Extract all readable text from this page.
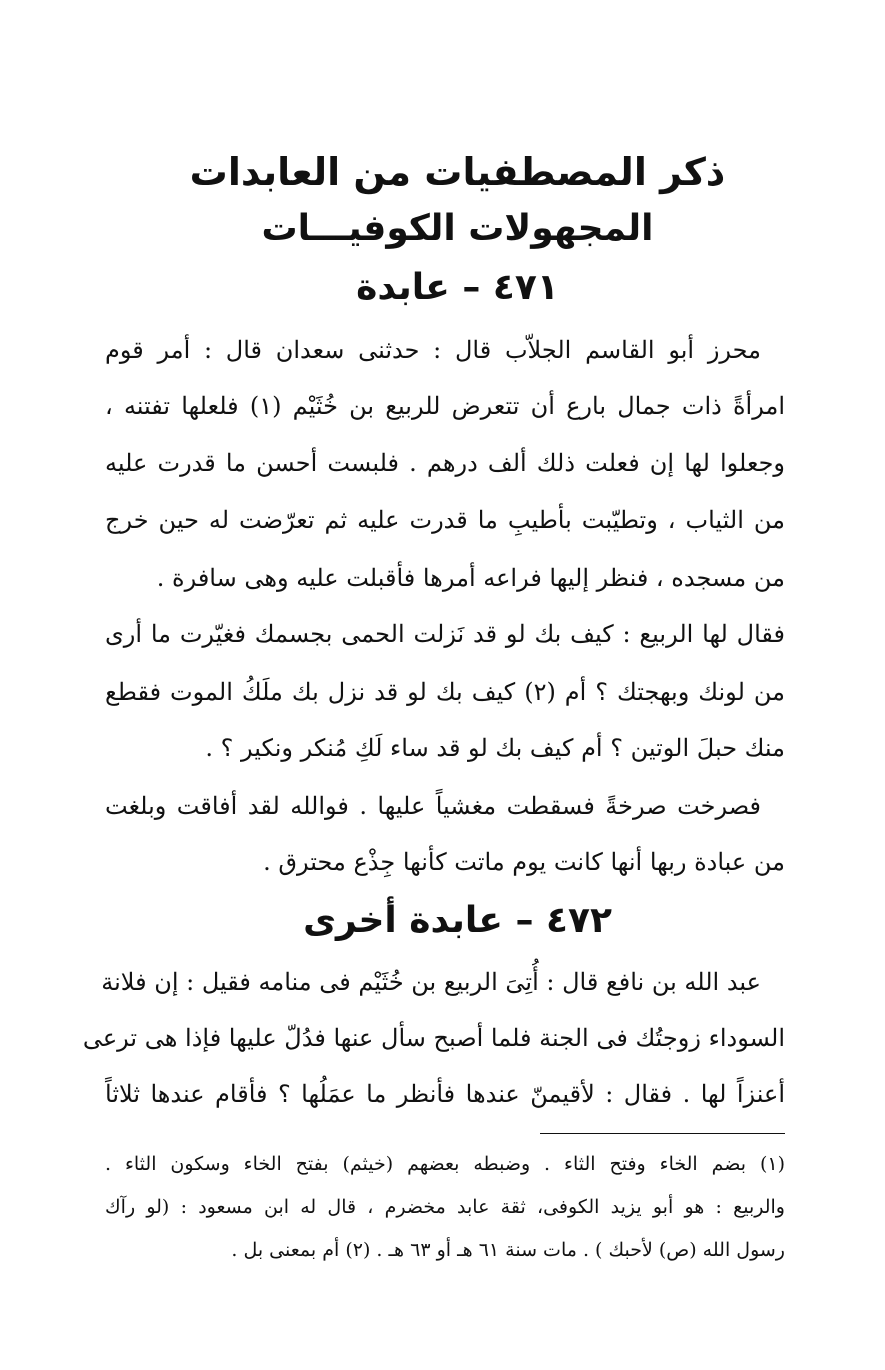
ذكر المصطفيات من العابدات
المجهولات الكوفيـــات
٤٧١ – عابدة
محرز أبو القاسم الجلاّب قال : حدثنى سعدان قال : أمر قوم
امرأةً ذات جمال بارع أن تتعرض للربيع بن خُثَيْم (١) فلعلها تفتنه ،
وجعلوا لها إن فعلت ذلك ألف درهم . فلبست أحسن ما قدرت عليه
من الثياب ، وتطيّبت بأطيبِ ما قدرت عليه ثم تعرّضت له حين خرج
من مسجده ، فنظر إليها فراعه أمرها فأقبلت عليه وهى سافرة .
فقال لها الربيع : كيف بك لو قد نَزلت الحمى بجسمك فغيّرت ما أرى
من لونك وبهجتك ؟ أم (٢) كيف بك لو قد نزل بك ملَكُ الموت فقطع
منك حبلَ الوتين ؟ أم كيف بك لو قد ساء لَكِ مُنكر ونكير ؟ .
فصرخت صرخةً فسقطت مغشياً عليها . فوالله لقد أفاقت وبلغت
من عبادة ربها أنها كانت يوم ماتت كأنها جِذْع محترق .
٤٧٢ – عابدة أخرى
عبد الله بن نافع قال : أُتِىَ الربيع بن خُثَيْم فى منامه فقيل : إن فلانة
السوداء زوجتُك فى الجنة فلما أصبح سأل عنها فدُلّ عليها فإذا هى ترعى
أعنزاً لها . فقال : لأقيمنّ عندها فأنظر ما عمَلُها ؟ فأقام عندها ثلاثاً
(١) بضم الخاء وفتح الثاء . وضبطه بعضهم (خيثم) بفتح الخاء وسكون الثاء .
والربيع : هو أبو يزيد الكوفى، ثقة عابد مخضرم ، قال له ابن مسعود : (لو رآك
رسول الله (ص) لأحبك ) . مات سنة ٦١ هـ أو ٦٣ هـ . (٢) أم بمعنى بل .
